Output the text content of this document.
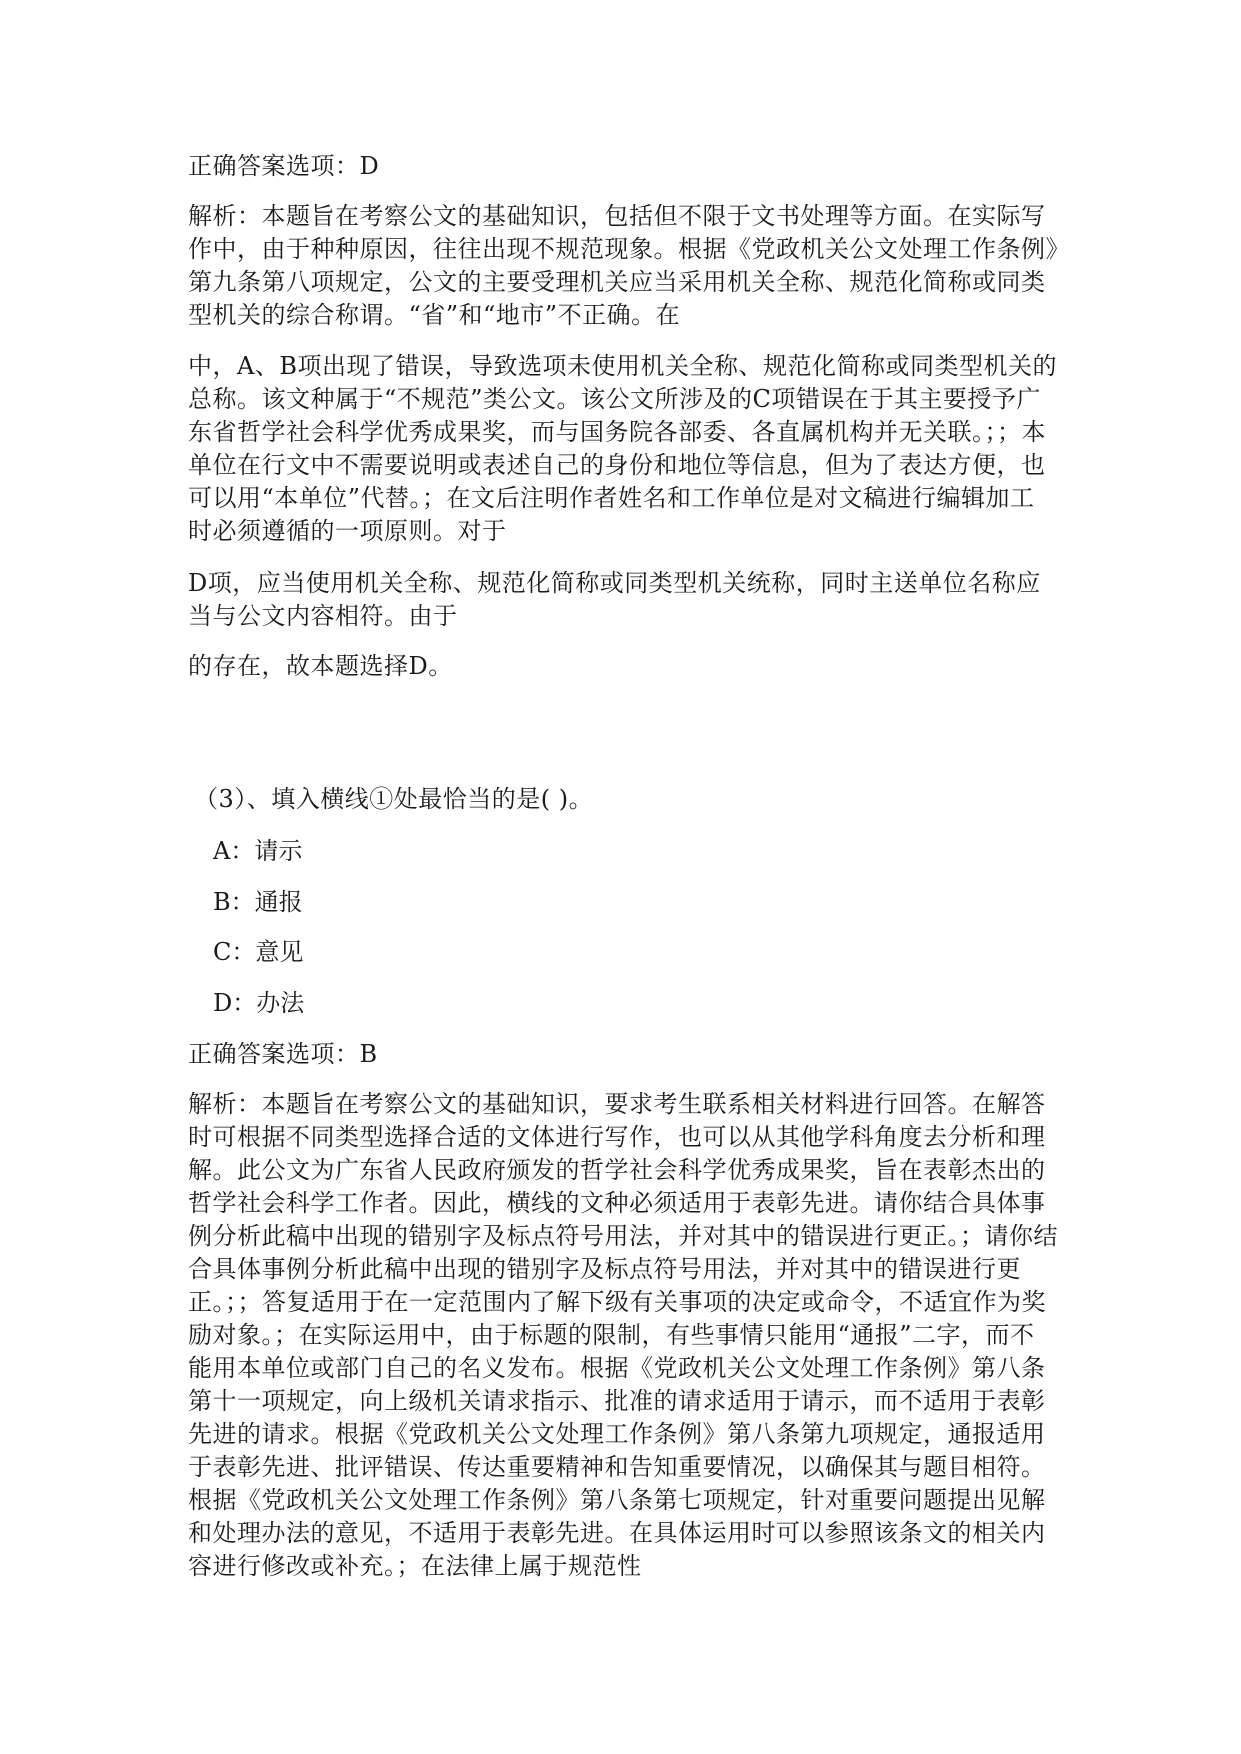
正确答案选项：D

解析：本题旨在考察公文的基础知识，包括但不限于文书处理等方面。在实际写作中，由于种种原因，往往出现不规范现象。根据《党政机关公文处理工作条例》第九条第八项规定，公文的主要受理机关应当采用机关全称、规范化简称或同类型机关的综合称谓。“省”和“地市”不正确。在

中，A、B项出现了错误，导致选项未使用机关全称、规范化简称或同类型机关的总称。该文种属于“不规范”类公文。该公文所涉及的C项错误在于其主要授予广东省哲学社会科学优秀成果奖，而与国务院各部委、各直属机构并无关联。；；本单位在行文中不需要说明或表述自己的身份和地位等信息，但为了表达方便，也可以用“本单位”代替。；在文后注明作者姓名和工作单位是对文稿进行编辑加工时必须遵循的一项原则。对于

D项，应当使用机关全称、规范化简称或同类型机关统称，同时主送单位名称应当与公文内容相符。由于

的存在，故本题选择D。

（3）、填入横线①处最恰当的是( )。

A：请示
B：通报
C：意见
D：办法

正确答案选项：B

解析：本题旨在考察公文的基础知识，要求考生联系相关材料进行回答。在解答时可根据不同类型选择合适的文体进行写作，也可以从其他学科角度去分析和理解。此公文为广东省人民政府颁发的哲学社会科学优秀成果奖，旨在表彰杰出的哲学社会科学工作者。因此，横线的文种必须适用于表彰先进。请你结合具体事例分析此稿中出现的错别字及标点符号用法，并对其中的错误进行更正。；请你结合具体事例分析此稿中出现的错别字及标点符号用法，并对其中的错误进行更正。；；答复适用于在一定范围内了解下级有关事项的决定或命令，不适宜作为奖励对象。；在实际运用中，由于标题的限制，有些事情只能用“通报”二字，而不能用本单位或部门自己的名义发布。根据《党政机关公文处理工作条例》第八条第十一项规定，向上级机关请求指示、批准的请求适用于请示，而不适用于表彰先进的请求。根据《党政机关公文处理工作条例》第八条第九项规定，通报适用于表彰先进、批评错误、传达重要精神和告知重要情况，以确保其与题目相符。根据《党政机关公文处理工作条例》第八条第七项规定，针对重要问题提出见解和处理办法的意见，不适用于表彰先进。在具体运用时可以参照该条文的相关内容进行修改或补充。；在法律上属于规范性
